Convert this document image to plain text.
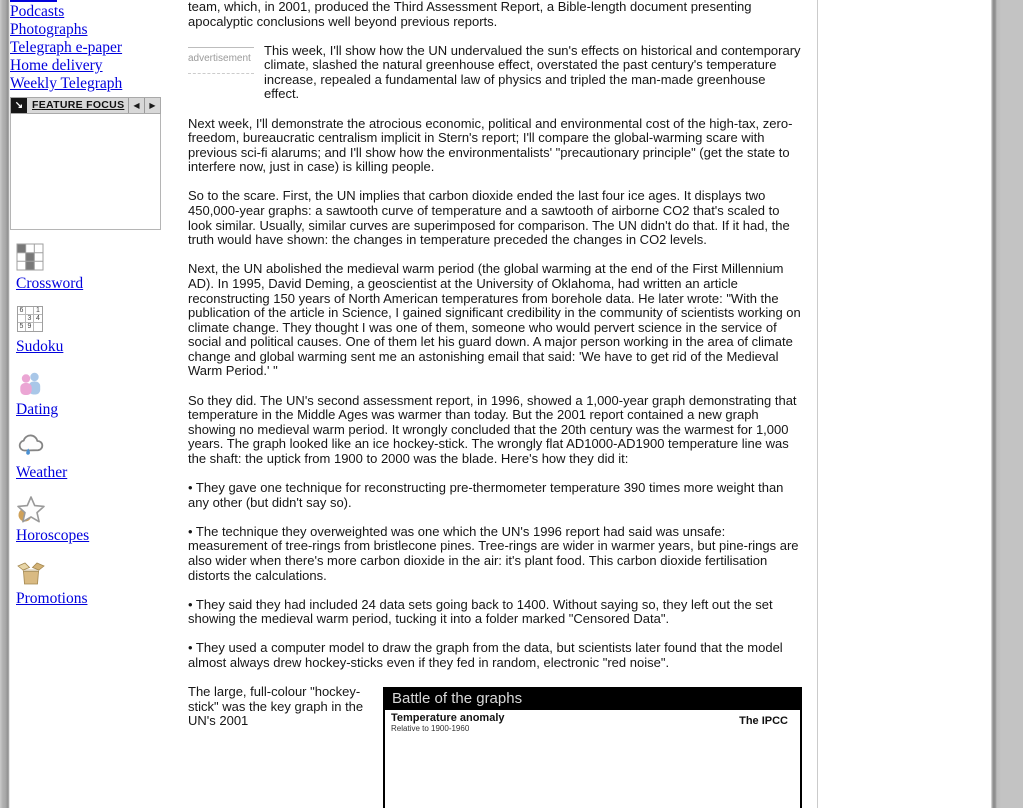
Podcasts
Photographs
Telegraph e-paper
Home delivery
Weekly Telegraph
↘ FEATURE FOCUS	◀	▶
Crossword
6	1
3 4
5 9
Sudoku
Dating
Weather
Horoscopes
Promotions

team, which, in 2001, produced the Third Assessment Report, a Bible-length document presenting apocalyptic conclusions well beyond previous reports.

advertisement

This week, I'll show how the UN undervalued the sun's effects on historical and contemporary climate, slashed the natural greenhouse effect, overstated the past century's temperature increase, repealed a fundamental law of physics and tripled the man-made greenhouse effect.

Next week, I'll demonstrate the atrocious economic, political and environmental cost of the high-tax, zero-freedom, bureaucratic centralism implicit in Stern's report; I'll compare the global-warming scare with previous sci-fi alarums; and I'll show how the environmentalists' "precautionary principle" (get the state to interfere now, just in case) is killing people.

So to the scare. First, the UN implies that carbon dioxide ended the last four ice ages. It displays two 450,000-year graphs: a sawtooth curve of temperature and a sawtooth of airborne CO2 that's scaled to look similar. Usually, similar curves are superimposed for comparison. The UN didn't do that. If it had, the truth would have shown: the changes in temperature preceded the changes in CO2 levels.

Next, the UN abolished the medieval warm period (the global warming at the end of the First Millennium AD). In 1995, David Deming, a geoscientist at the University of Oklahoma, had written an article reconstructing 150 years of North American temperatures from borehole data. He later wrote: "With the publication of the article in Science, I gained significant credibility in the community of scientists working on climate change. They thought I was one of them, someone who would pervert science in the service of social and political causes. One of them let his guard down. A major person working in the area of climate change and global warming sent me an astonishing email that said: 'We have to get rid of the Medieval Warm Period.' "

So they did. The UN's second assessment report, in 1996, showed a 1,000-year graph demonstrating that temperature in the Middle Ages was warmer than today. But the 2001 report contained a new graph showing no medieval warm period. It wrongly concluded that the 20th century was the warmest for 1,000 years. The graph looked like an ice hockey-stick. The wrongly flat AD1000-AD1900 temperature line was the shaft: the uptick from 1900 to 2000 was the blade. Here's how they did it:

• They gave one technique for reconstructing pre-thermometer temperature 390 times more weight than any other (but didn't say so).

• The technique they overweighted was one which the UN's 1996 report had said was unsafe: measurement of tree-rings from bristlecone pines. Tree-rings are wider in warmer years, but pine-rings are also wider when there's more carbon dioxide in the air: it's plant food. This carbon dioxide fertilisation distorts the calculations.

• They said they had included 24 data sets going back to 1400. Without saying so, they left out the set showing the medieval warm period, tucking it into a folder marked "Censored Data".

• They used a computer model to draw the graph from the data, but scientists later found that the model almost always drew hockey-sticks even if they fed in random, electronic "red noise".

The large, full-colour "hockey-stick" was the key graph in the UN's 2001

Battle of the graphs
Temperature anomaly
Relative to 1900-1960
The IPCC
